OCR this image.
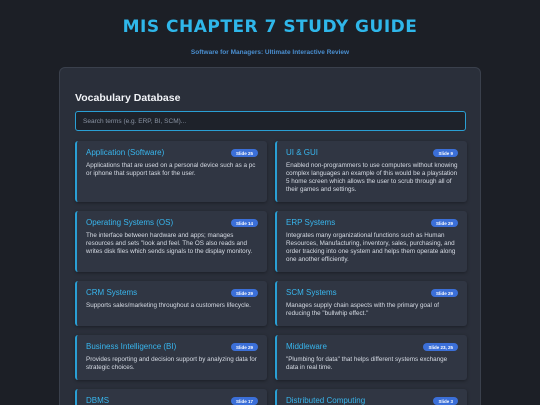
MIS CHAPTER 7 STUDY GUIDE
Software for Managers: Ultimate Interactive Review
Vocabulary Database
Search terms (e.g. ERP, BI, SCM)...
Application (Software)	Slide 25
Applications that are used on a personal device such as a pc or iphone that support task for the user.
UI & GUI	Slide 9
Enabled non-programmers to use computers without knowing complex languages an example of this would be a playstation 5 home screen which allows the user to scrub through all of their games and settings.
Operating Systems (OS)	Slide 14
The interface between hardware and apps; manages resources and sets "look and feel. The OS also reads and writes disk files which sends signals to the display monitory.
ERP Systems	Slide 29
Integrates many organizational functions such as Human Resources, Manufacturing, inventory, sales, purchasing, and order tracking into one system and helps them operate along one another efficiently.
CRM Systems	Slide 29
Supports sales/marketing throughout a customers lifecycle.
SCM Systems	Slide 29
Manages supply chain aspects with the primary goal of reducing the "bullwhip effect."
Business Intelligence (BI)	Slide 29
Provides reporting and decision support by analyzing data for strategic choices.
Middleware	Slide 23, 25
"Plumbing for data" that helps different systems exchange data in real time.
DBMS	Slide 17	Distributed Computing	Slide 3
